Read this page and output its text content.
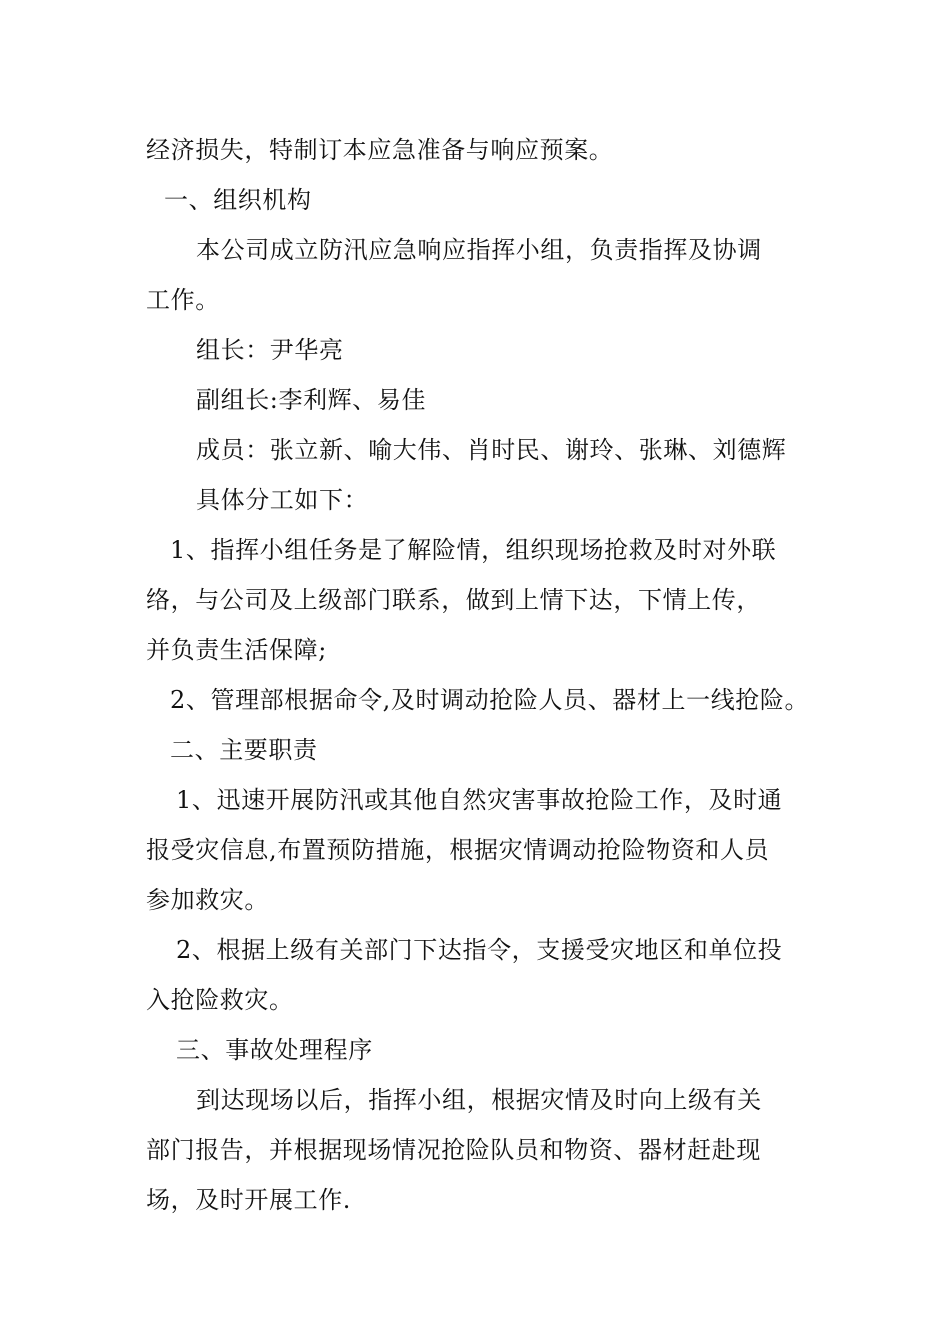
经济损失，特制订本应急准备与响应预案。
一、组织机构
本公司成立防汛应急响应指挥小组，负责指挥及协调
工作。
组长：尹华亮
副组长:李利辉、易佳
成员：张立新、喻大伟、肖时民、谢玲、张琳、刘德辉
具体分工如下：
1、指挥小组任务是了解险情，组织现场抢救及时对外联
络，与公司及上级部门联系，做到上情下达，下情上传，
并负责生活保障;
2、管理部根据命令,及时调动抢险人员、器材上一线抢险。
二、主要职责
1、迅速开展防汛或其他自然灾害事故抢险工作，及时通
报受灾信息,布置预防措施，根据灾情调动抢险物资和人员
参加救灾。
2、根据上级有关部门下达指令，支援受灾地区和单位投
入抢险救灾。
三、事故处理程序
到达现场以后，指挥小组，根据灾情及时向上级有关
部门报告，并根据现场情况抢险队员和物资、器材赶赴现
场，及时开展工作.
